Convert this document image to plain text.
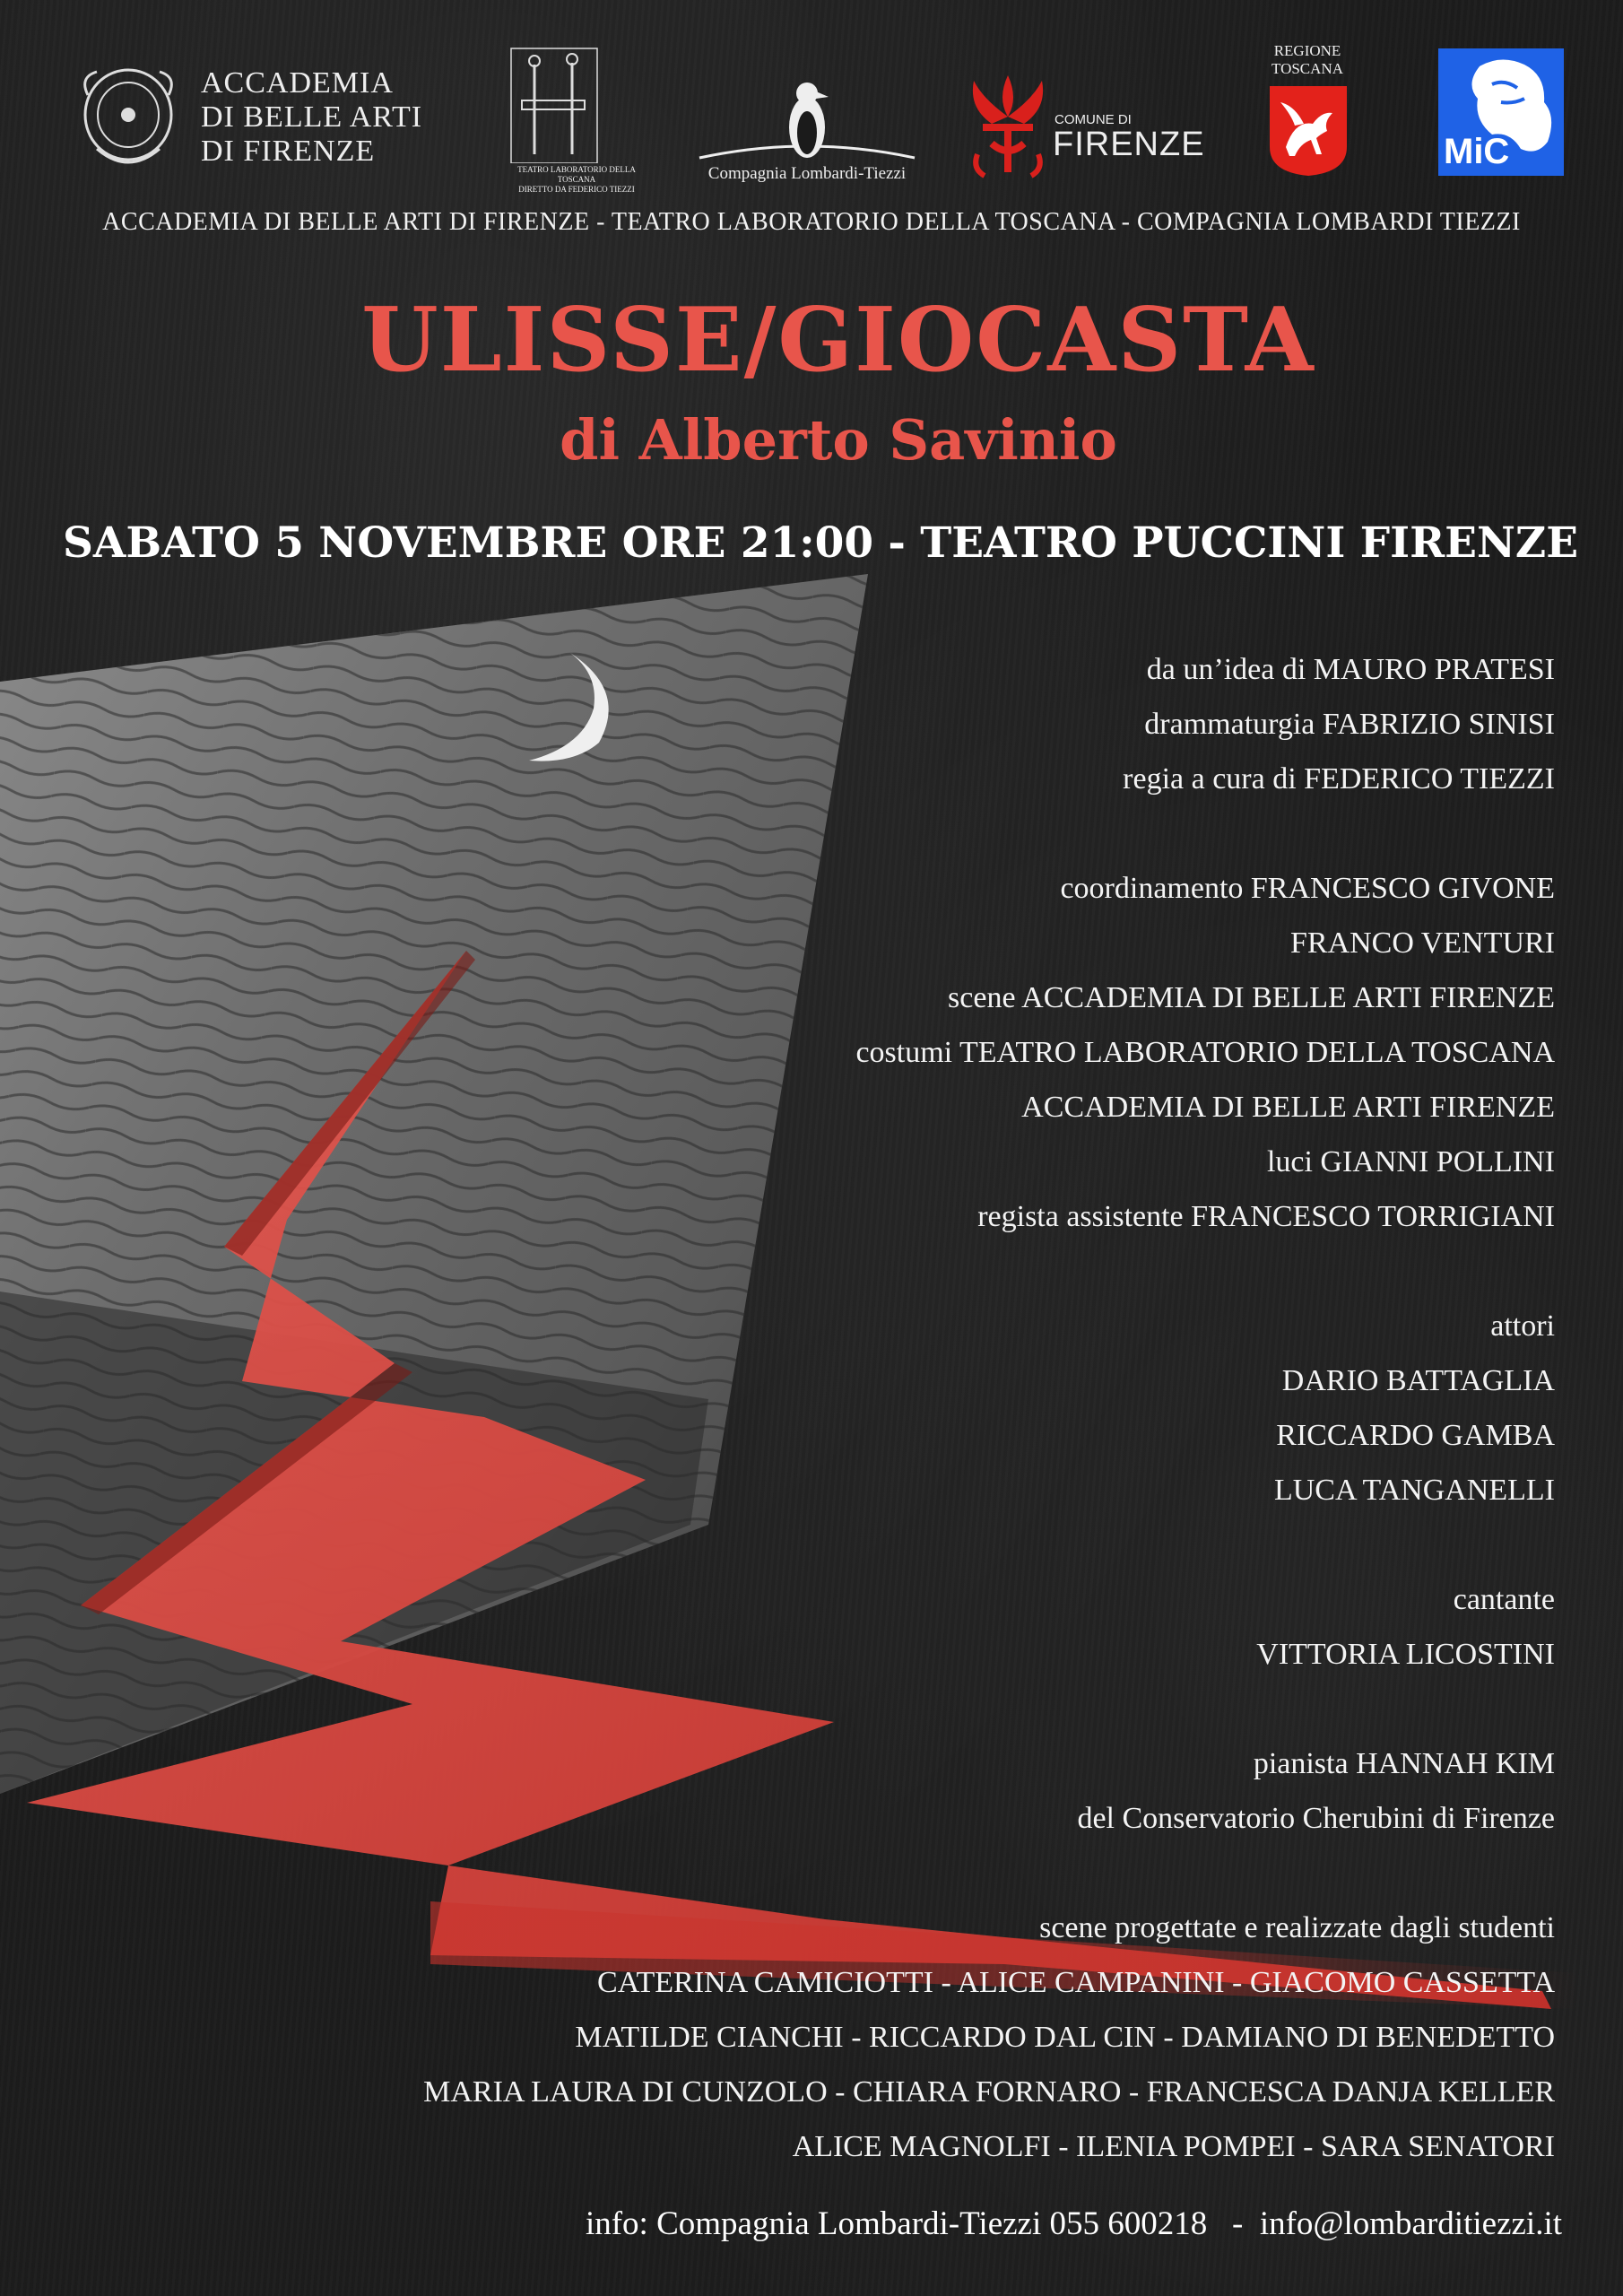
ACCADEMIA
DI BELLE ARTI
DI FIRENZE
TEATRO LABORATORIO DELLA TOSCANA
DIRETTO DA FEDERICO TIEZZI
Compagnia Lombardi-Tiezzi
COMUNE DI
FIRENZE
REGIONE
TOSCANA
MiC
ACCADEMIA DI BELLE ARTI DI FIRENZE - TEATRO LABORATORIO DELLA TOSCANA - COMPAGNIA LOMBARDI TIEZZI
ULISSE/GIOCASTA
di Alberto Savinio
SABATO 5 NOVEMBRE ORE 21:00 - TEATRO PUCCINI FIRENZE
da un’idea di MAURO PRATESI
drammaturgia FABRIZIO SINISI
regia a cura di FEDERICO TIEZZI
coordinamento FRANCESCO GIVONE
FRANCO VENTURI
scene ACCADEMIA DI BELLE ARTI FIRENZE
costumi TEATRO LABORATORIO DELLA TOSCANA
ACCADEMIA DI BELLE ARTI FIRENZE
luci GIANNI POLLINI
regista assistente FRANCESCO TORRIGIANI
attori
DARIO BATTAGLIA
RICCARDO GAMBA
LUCA TANGANELLI
cantante
VITTORIA LICOSTINI
pianista HANNAH KIM
del Conservatorio Cherubini di Firenze
scene progettate e realizzate dagli studenti
CATERINA CAMICIOTTI - ALICE CAMPANINI - GIACOMO CASSETTA
MATILDE CIANCHI - RICCARDO DAL CIN - DAMIANO DI BENEDETTO
MARIA LAURA DI CUNZOLO - CHIARA FORNARO - FRANCESCA DANJA KELLER
ALICE MAGNOLFI - ILENIA POMPEI - SARA SENATORI
info: Compagnia Lombardi-Tiezzi 055 600218   -  info@lombarditiezzi.it
